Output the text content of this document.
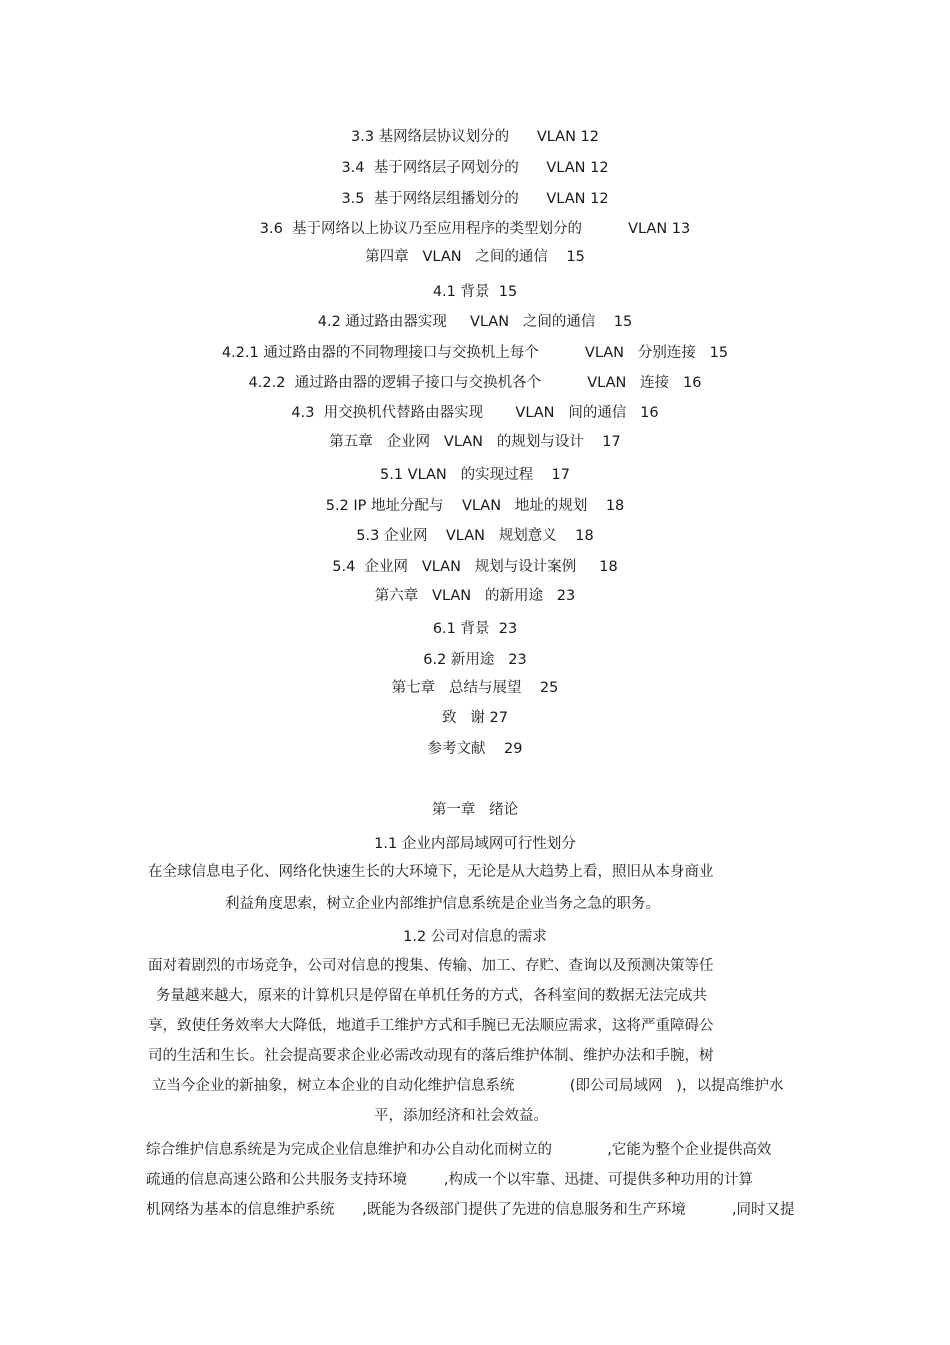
3.3 基网络层协议划分的      VLAN 12
3.4  基于网络层子网划分的      VLAN 12
3.5  基于网络层组播划分的      VLAN 12
3.6  基于网络以上协议乃至应用程序的类型划分的          VLAN 13
第四章   VLAN   之间的通信    15
4.1 背景  15
4.2 通过路由器实现     VLAN   之间的通信    15
4.2.1 通过路由器的不同物理接口与交换机上每个          VLAN   分别连接   15
4.2.2  通过路由器的逻辑子接口与交换机各个          VLAN   连接   16
4.3  用交换机代替路由器实现       VLAN   间的通信   16
第五章   企业网   VLAN   的规划与设计    17
5.1 VLAN   的实现过程    17
5.2 IP 地址分配与    VLAN   地址的规划    18
5.3 企业网    VLAN   规划意义    18
5.4  企业网   VLAN   规划与设计案例     18
第六章   VLAN   的新用途   23
6.1 背景  23
6.2 新用途   23
第七章   总结与展望    25
致   谢 27
参考文献    29
第一章   绪论
1.1 企业内部局域网可行性划分
在全球信息电子化、网络化快速生长的大环境下，无论是从大趋势上看，照旧从本身商业
利益角度思索，树立企业内部维护信息系统是企业当务之急的职务。
1.2 公司对信息的需求
面对着剧烈的市场竞争，公司对信息的搜集、传输、加工、存贮、查询以及预测决策等任
务量越来越大，原来的计算机只是停留在单机任务的方式，各科室间的数据无法完成共
享，致使任务效率大大降低，地道手工维护方式和手腕已无法顺应需求，这将严重障碍公
司的生活和生长。社会提高要求企业必需改动现有的落后维护体制、维护办法和手腕，树
立当今企业的新抽象，树立本企业的自动化维护信息系统            (即公司局域网   )，以提高维护水
平，添加经济和社会效益。
综合维护信息系统是为完成企业信息维护和办公自动化而树立的            ,它能为整个企业提供高效
疏通的信息高速公路和公共服务支持环境        ,构成一个以牢靠、迅捷、可提供多种功用的计算
机网络为基本的信息维护系统      ,既能为各级部门提供了先进的信息服务和生产环境          ,同时又提
